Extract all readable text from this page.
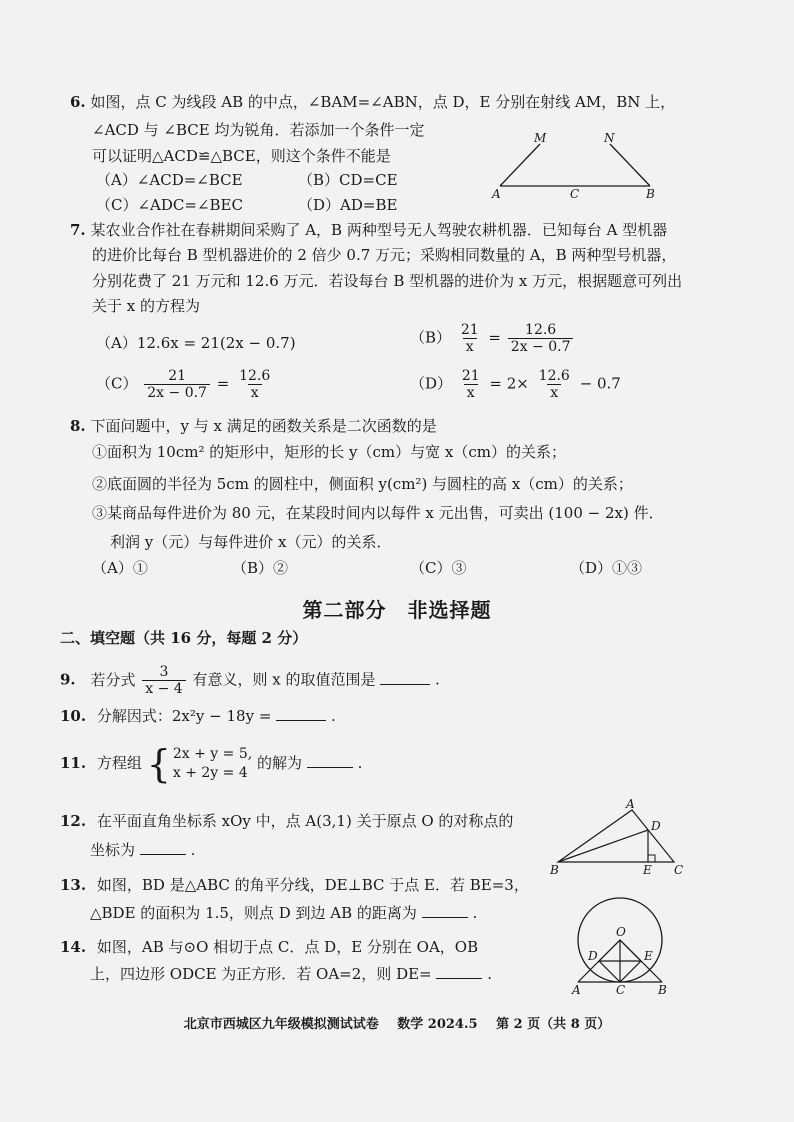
6. 如图，点 C 为线段 AB 的中点，∠BAM=∠ABN，点 D，E 分别在射线 AM，BN 上，
∠ACD 与 ∠BCE 均为锐角．若添加一个条件一定
可以证明△ACD≌△BCE，则这个条件不能是
（A）∠ACD=∠BCE	（B）CD=CE
（C）∠ADC=∠BEC	（D）AD=BE
M	N
A	C	B
7. 某农业合作社在春耕期间采购了 A，B 两种型号无人驾驶农耕机器．已知每台 A 型机器
的进价比每台 B 型机器进价的 2 倍少 0.7 万元；采购相同数量的 A，B 两种型号机器，
分别花费了 21 万元和 12.6 万元．若设每台 B 型机器的进价为 x 万元，根据题意可列出
关于 x 的方程为
（A）12.6x = 21(2x − 0.7)	$(B) \frac{21}{x} = \frac{12.6}{2x - 0.7}$
$(C) \frac{21}{2x - 0.7} = \frac{12.6}{x}$	$(D) \frac{21}{x} = 2\times \frac{12.6}{x} - 0.7$
8. 下面问题中，y 与 x 满足的函数关系是二次函数的是
①面积为 10cm² 的矩形中，矩形的长 y（cm）与宽 x（cm）的关系；
②底面圆的半径为 5cm 的圆柱中，侧面积 y(cm²) 与圆柱的高 x（cm）的关系；
③某商品每件进价为 80 元，在某段时间内以每件 x 元出售，可卖出 (100 − 2x) 件．
利润 y（元）与每件进价 x（元）的关系．
（A）①	（B）②	（C）③	（D）①③
第二部分　非选择题
二、填空题（共 16 分，每题 2 分）
9. 若分式 $\frac{3}{x - 4}$ 有意义，则 x 的取值范围是	.
10. 分解因式：2x²y − 18y =	.
11. 方程组 { 2x + y = 5,
x + 2y = 4
的解为	.
12. 在平面直角坐标系 xOy 中，点 A(3,1) 关于原点 O 的对称点的
坐标为	.
A
D
B	E C
13. 如图，BD 是△ABC 的角平分线，DE⊥BC 于点 E．若 BE=3，
△BDE 的面积为 1.5，则点 D 到边 AB 的距离为	.
14. 如图，AB 与⊙O 相切于点 C．点 D，E 分别在 OA，OB
上，四边形 ODCE 为正方形．若 OA=2，则 DE=	.
O
D	E
A	C	B
北京市西城区九年级模拟测试试卷 数学 2024.5 第 2 页（共 8 页）
